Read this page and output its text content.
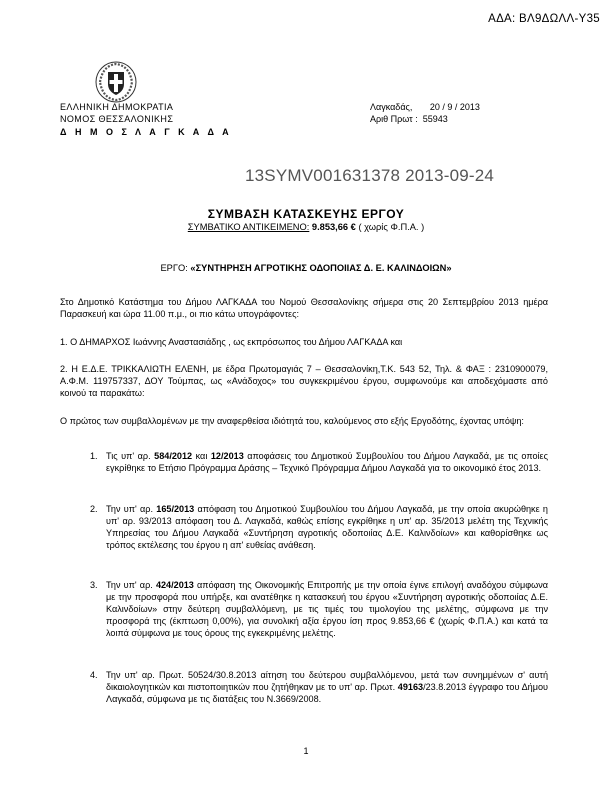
ΑΔΑ: ΒΛ9ΔΩΛΛ-Υ35
ΕΛΛΗΝΙΚΗ ΔΗΜΟΚΡΑΤΙΑ
ΝΟΜΟΣ ΘΕΣΣΑΛΟΝΙΚΗΣ
Δ Η Μ Ο Σ Λ Α Γ Κ Α Δ Α
Λαγκαδάς,       20 / 9 / 2013
Αριθ Πρωτ :  55943
13SYMV001631378 2013-09-24
ΣΥΜΒΑΣΗ ΚΑΤΑΣΚΕΥΗΣ ΕΡΓΟΥ
ΣΥΜΒΑΤΙΚΟ ΑΝΤΙΚΕΙΜΕΝΟ: 9.853,66 € ( χωρίς Φ.Π.Α. )
ΕΡΓΟ: «ΣΥΝΤΗΡΗΣΗ ΑΓΡΟΤΙΚΗΣ ΟΔΟΠΟΙΙΑΣ Δ. Ε. ΚΑΛΙΝΔΟΙΩΝ»
Στο Δημοτικό Κατάστημα του Δήμου ΛΑΓΚΑΔΑ του Νομού Θεσσαλονίκης σήμερα στις 20 Σεπτεμβρίου 2013 ημέρα Παρασκευή και ώρα 11.00 π.μ., οι πιο κάτω υπογράφοντες:
1. Ο ΔΗΜΑΡΧΟΣ Ιωάννης Αναστασιάδης , ως εκπρόσωπος του Δήμου ΛΑΓΚΑΔΑ και
2. Η Ε.Δ.Ε. ΤΡΙΚΚΑΛΙΩΤΗ ΕΛΕΝΗ, με έδρα Πρωτομαγιάς 7 – Θεσσαλονίκη,Τ.Κ. 543 52, Τηλ. & ΦΑΞ : 2310900079, Α.Φ.Μ. 119757337, ΔΟΥ Τούμπας, ως «Ανάδοχος» του συγκεκριμένου έργου, συμφωνούμε και αποδεχόμαστε από κοινού τα παρακάτω:
Ο πρώτος των συμβαλλομένων με την αναφερθείσα ιδιότητά του, καλούμενος στο εξής Εργοδότης, έχοντας υπόψη:
1. Τις υπ' αρ. 584/2012 και 12/2013 αποφάσεις του Δημοτικού Συμβουλίου του Δήμου Λαγκαδά, με τις οποίες εγκρίθηκε το Ετήσιο Πρόγραμμα Δράσης – Τεχνικό Πρόγραμμα Δήμου Λαγκαδά για το οικονομικό έτος 2013.
2. Την υπ' αρ. 165/2013 απόφαση του Δημοτικού Συμβουλίου του Δήμου Λαγκαδά, με την οποία ακυρώθηκε η υπ' αρ. 93/2013 απόφαση του Δ. Λαγκαδά, καθώς επίσης εγκρίθηκε η υπ' αρ. 35/2013 μελέτη της Τεχνικής Υπηρεσίας του Δήμου Λαγκαδά «Συντήρηση αγροτικής οδοποιίας Δ.Ε. Καλινδοίων» και καθορίσθηκε ως τρόπος εκτέλεσης του έργου η απ' ευθείας ανάθεση.
3. Την υπ' αρ. 424/2013 απόφαση της Οικονομικής Επιτροπής με την οποία έγινε επιλογή αναδόχου σύμφωνα με την προσφορά που υπήρξε, και ανατέθηκε η κατασκευή του έργου «Συντήρηση αγροτικής οδοποιίας Δ.Ε. Καλινδοίων» στην δεύτερη συμβαλλόμενη, με τις τιμές του τιμολογίου της μελέτης, σύμφωνα με την προσφορά της (έκπτωση 0,00%), για συνολική αξία έργου ίση προς 9.853,66 € (χωρίς Φ.Π.Α.) και κατά τα λοιπά σύμφωνα με τους όρους της εγκεκριμένης μελέτης.
4. Την υπ' αρ. Πρωτ. 50524/30.8.2013 αίτηση του δεύτερου συμβαλλόμενου, μετά των συνημμένων σ' αυτή δικαιολογητικών και πιστοποιητικών που ζητήθηκαν με το υπ' αρ. Πρωτ. 49163/23.8.2013 έγγραφο του Δήμου Λαγκαδά, σύμφωνα με τις διατάξεις του Ν.3669/2008.
1
